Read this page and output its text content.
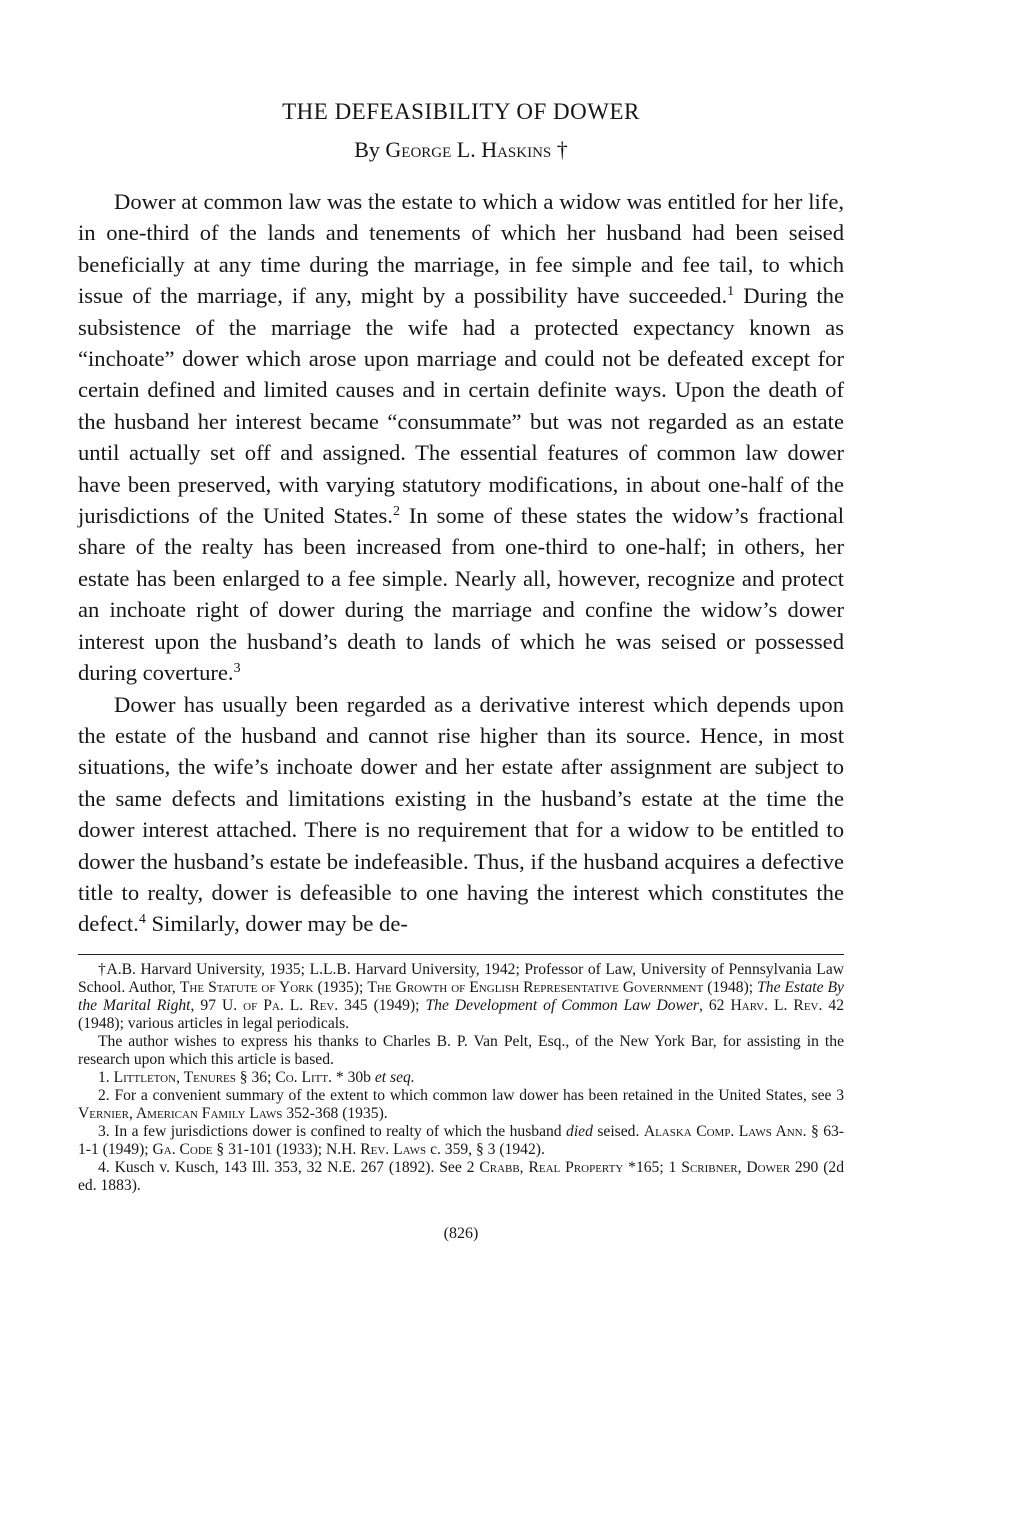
THE DEFEASIBILITY OF DOWER
By George L. Haskins †

Dower at common law was the estate to which a widow was entitled for her life, in one-third of the lands and tenements of which her husband had been seised beneficially at any time during the marriage, in fee simple and fee tail, to which issue of the marriage, if any, might by a possibility have succeeded.$^1$ During the subsistence of the marriage the wife had a protected expectancy known as “inchoate” dower which arose upon marriage and could not be defeated except for certain defined and limited causes and in certain definite ways. Upon the death of the husband her interest became “consummate” but was not regarded as an estate until actually set off and assigned. The essential features of common law dower have been preserved, with varying statutory modifications, in about one-half of the jurisdictions of the United States.$^2$ In some of these states the widow’s fractional share of the realty has been increased from one-third to one-half; in others, her estate has been enlarged to a fee simple. Nearly all, however, recognize and protect an inchoate right of dower during the marriage and confine the widow’s dower interest upon the husband’s death to lands of which he was seised or possessed during coverture.$^3$

Dower has usually been regarded as a derivative interest which depends upon the estate of the husband and cannot rise higher than its source. Hence, in most situations, the wife’s inchoate dower and her estate after assignment are subject to the same defects and limitations existing in the husband’s estate at the time the dower interest attached. There is no requirement that for a widow to be entitled to dower the husband’s estate be indefeasible. Thus, if the husband acquires a defective title to realty, dower is defeasible to one having the interest which constitutes the defect.$^4$ Similarly, dower may be de-

†A.B. Harvard University, 1935; L.L.B. Harvard University, 1942; Professor of Law, University of Pennsylvania Law School. Author, The Statute of York (1935); The Growth of English Representative Government (1948); The Estate By the Marital Right, 97 U. of Pa. L. Rev. 345 (1949); The Development of Common Law Dower, 62 Harv. L. Rev. 42 (1948); various articles in legal periodicals.

The author wishes to express his thanks to Charles B. P. Van Pelt, Esq., of the New York Bar, for assisting in the research upon which this article is based.

1. Littleton, Tenures § 36; Co. Litt. * 30b et seq.

2. For a convenient summary of the extent to which common law dower has been retained in the United States, see 3 Vernier, American Family Laws 352-368 (1935).

3. In a few jurisdictions dower is confined to realty of which the husband died seised. Alaska Comp. Laws Ann. § 63-1-1 (1949); Ga. Code § 31-101 (1933); N.H. Rev. Laws c. 359, § 3 (1942).

4. Kusch v. Kusch, 143 Ill. 353, 32 N.E. 267 (1892). See 2 Crabb, Real Property *165; 1 Scribner, Dower 290 (2d ed. 1883).

(826)
